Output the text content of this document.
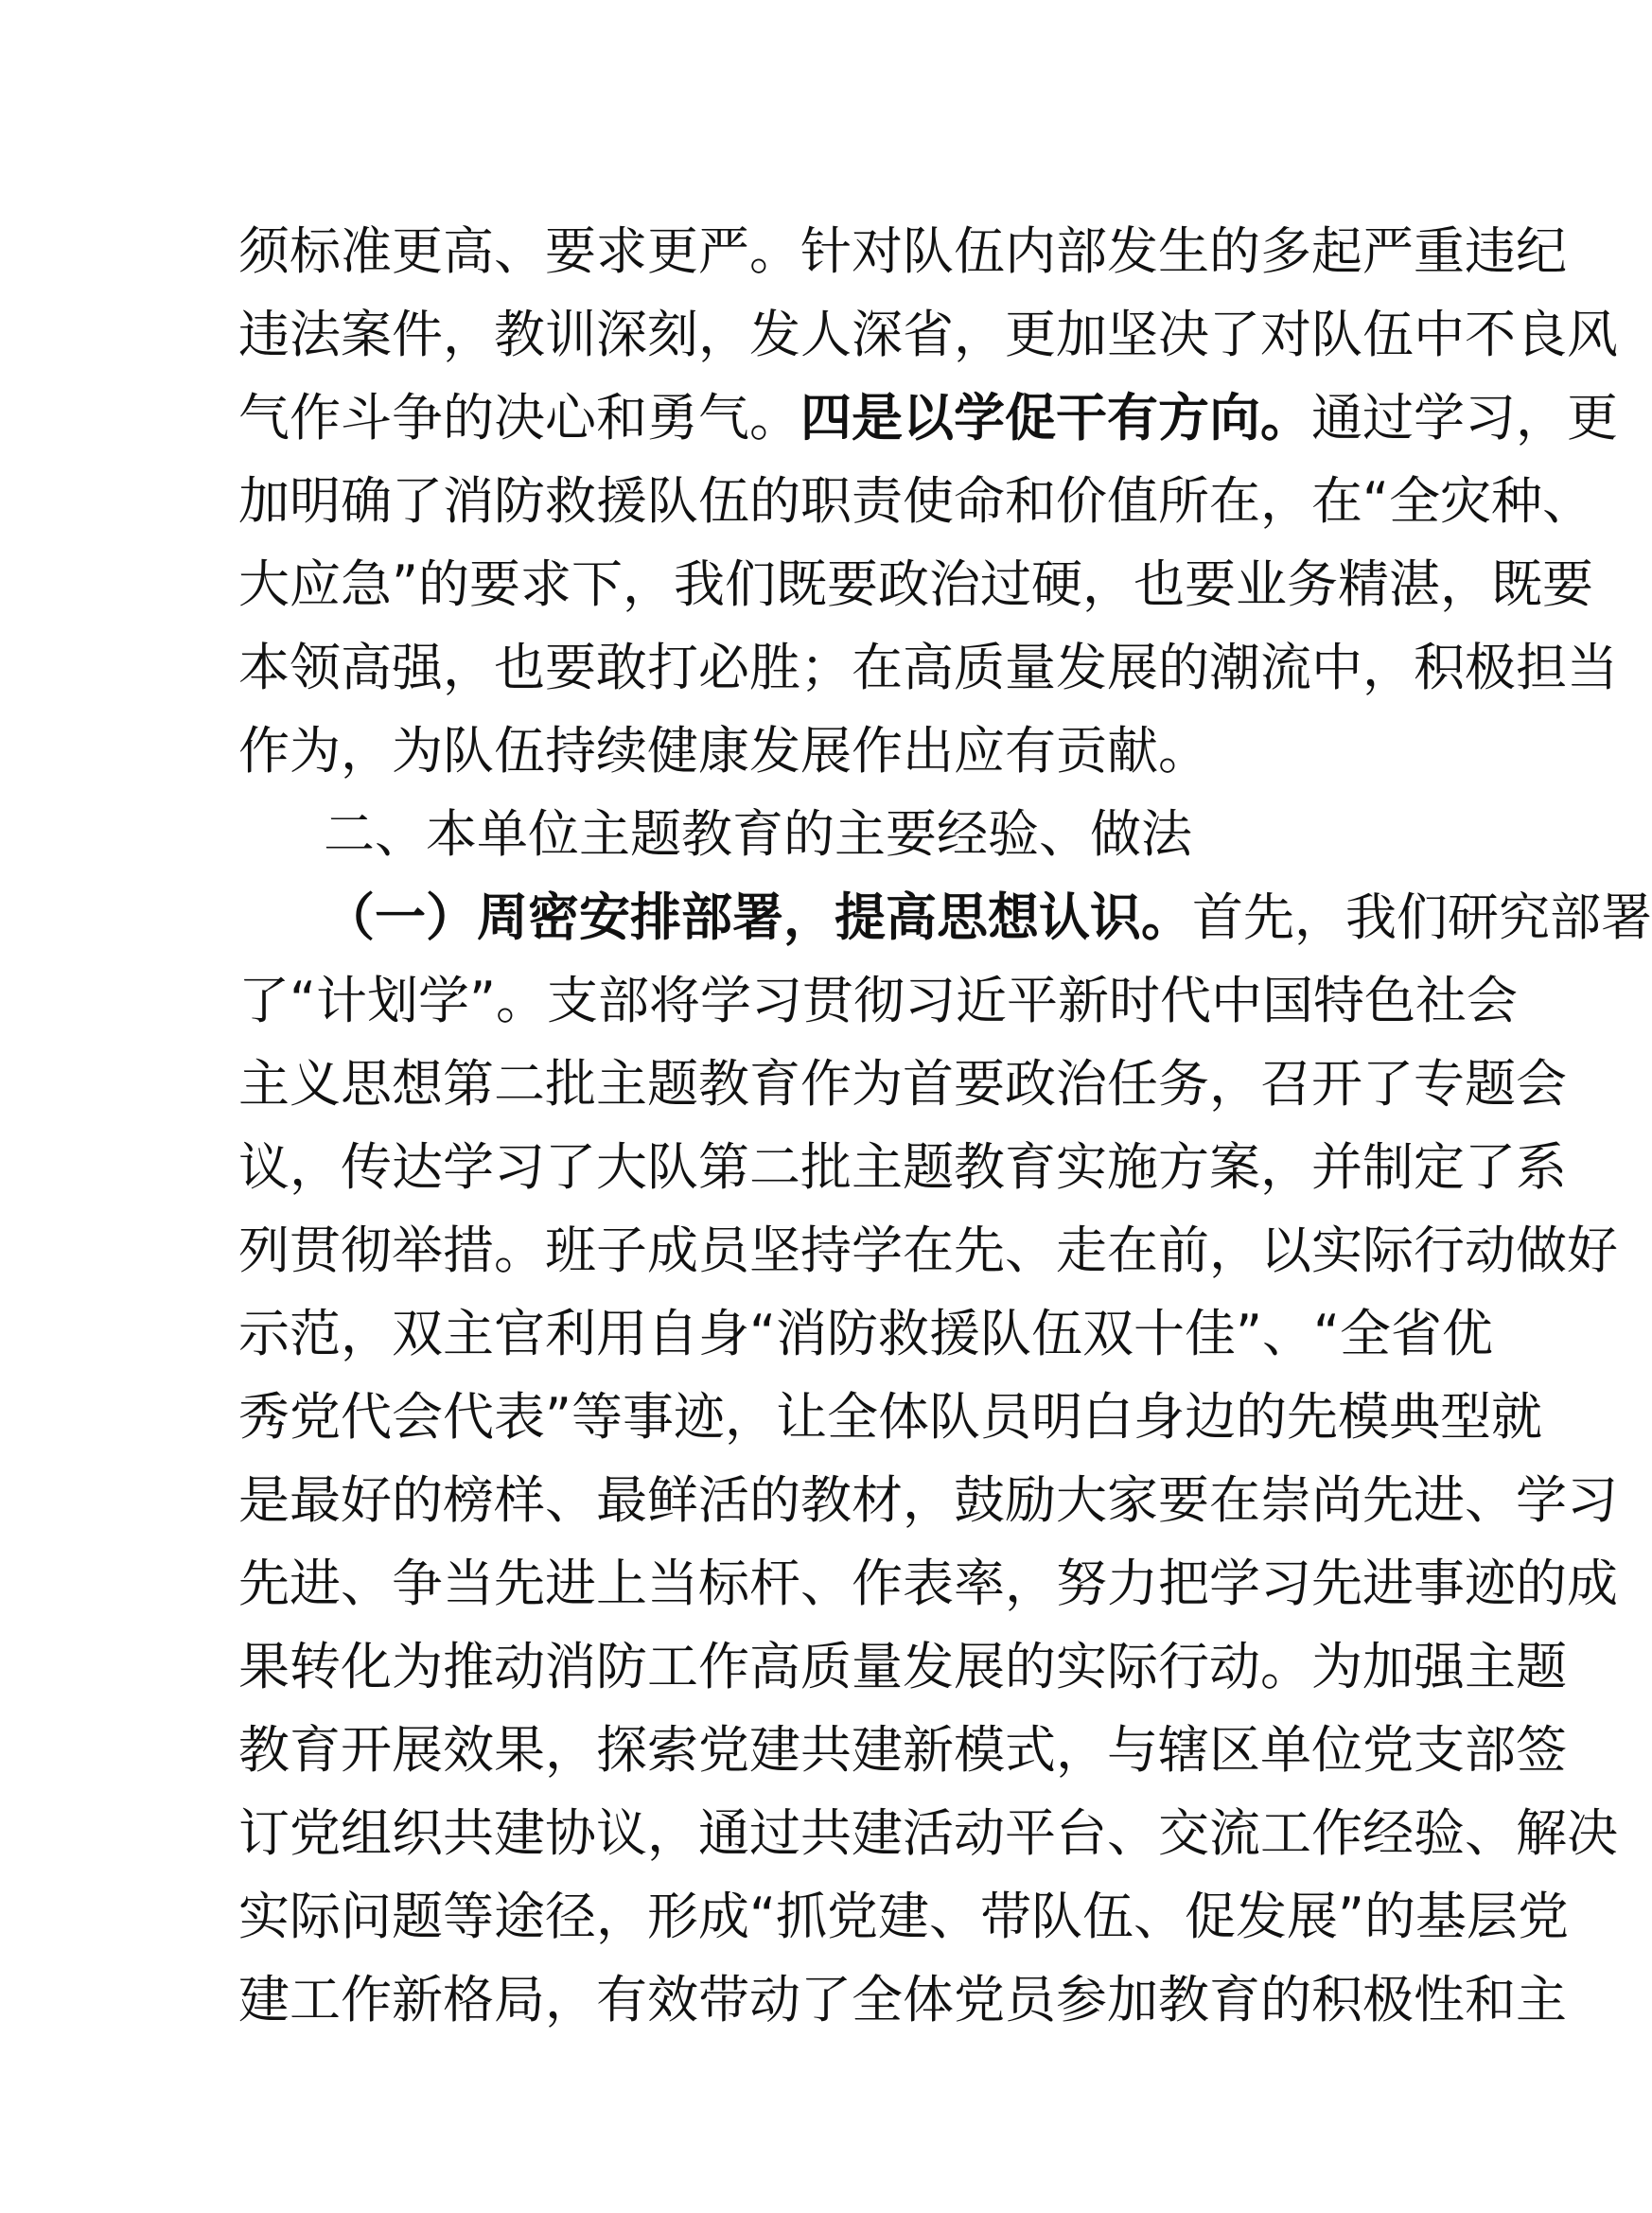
须标准更高、要求更严。针对队伍内部发生的多起严重违纪
违法案件，教训深刻，发人深省，更加坚决了对队伍中不良风
气作斗争的决心和勇气。四是以学促干有方向。通过学习，更
加明确了消防救援队伍的职责使命和价值所在，在“全灾种、
大应急”的要求下，我们既要政治过硬，也要业务精湛，既要
本领高强，也要敢打必胜；在高质量发展的潮流中，积极担当
作为，为队伍持续健康发展作出应有贡献。
二、本单位主题教育的主要经验、做法
（一）周密安排部署，提高思想认识。首先，我们研究部署
了“计划学”。支部将学习贯彻习近平新时代中国特色社会
主义思想第二批主题教育作为首要政治任务，召开了专题会
议，传达学习了大队第二批主题教育实施方案，并制定了系
列贯彻举措。班子成员坚持学在先、走在前，以实际行动做好
示范，双主官利用自身“消防救援队伍双十佳”、“全省优
秀党代会代表”等事迹，让全体队员明白身边的先模典型就
是最好的榜样、最鲜活的教材，鼓励大家要在崇尚先进、学习
先进、争当先进上当标杆、作表率，努力把学习先进事迹的成
果转化为推动消防工作高质量发展的实际行动。为加强主题
教育开展效果，探索党建共建新模式，与辖区单位党支部签
订党组织共建协议，通过共建活动平台、交流工作经验、解决
实际问题等途径，形成“抓党建、带队伍、促发展”的基层党
建工作新格局，有效带动了全体党员参加教育的积极性和主
